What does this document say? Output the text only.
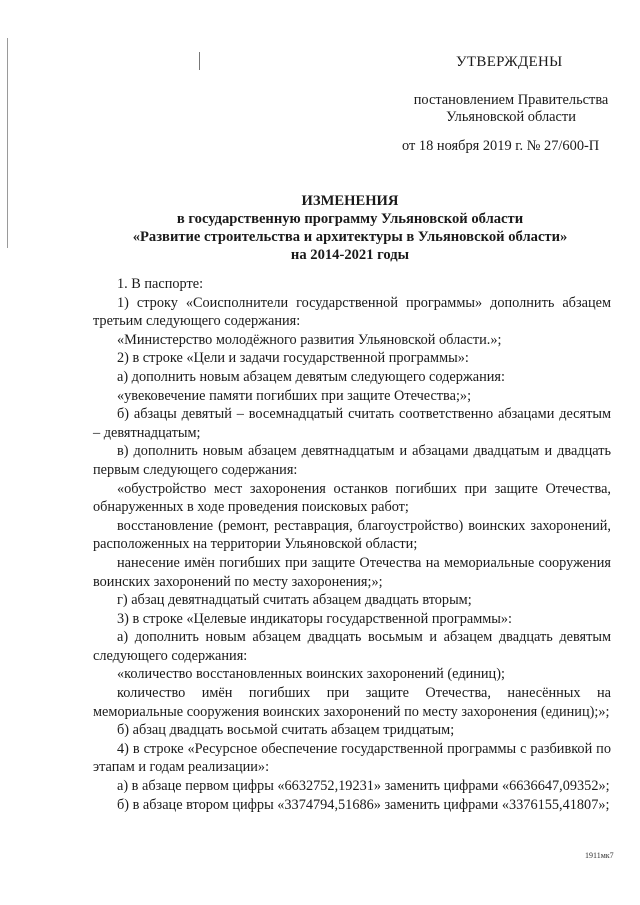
УТВЕРЖДЕНЫ
постановлением Правительства
Ульяновской области
от 18 ноября 2019 г. № 27/600-П
ИЗМЕНЕНИЯ
в государственную программу Ульяновской области
«Развитие строительства и архитектуры в Ульяновской области»
на 2014-2021 годы

1. В паспорте:

1) строку «Соисполнители государственной программы» дополнить абзацем третьим следующего содержания:

«Министерство молодёжного развития Ульяновской области.»;

2) в строке «Цели и задачи государственной программы»:

а) дополнить новым абзацем девятым следующего содержания:

«увековечение памяти погибших при защите Отечества;»;

б) абзацы девятый – восемнадцатый считать соответственно абзацами десятым – девятнадцатым;

в) дополнить новым абзацем девятнадцатым и абзацами двадцатым и двадцать первым следующего содержания:

«обустройство мест захоронения останков погибших при защите Отечества, обнаруженных в ходе проведения поисковых работ;

восстановление (ремонт, реставрация, благоустройство) воинских захоронений, расположенных на территории Ульяновской области;

нанесение имён погибших при защите Отечества на мемориальные сооружения воинских захоронений по месту захоронения;»;

г) абзац девятнадцатый считать абзацем двадцать вторым;

3) в строке «Целевые индикаторы государственной программы»:

а) дополнить новым абзацем двадцать восьмым и абзацем двадцать девятым следующего содержания:

«количество восстановленных воинских захоронений (единиц);

количество имён погибших при защите Отечества, нанесённых на мемориальные сооружения воинских захоронений по месту захоронения (единиц);»;

б) абзац двадцать восьмой считать абзацем тридцатым;

4) в строке «Ресурсное обеспечение государственной программы с разбивкой по этапам и годам реализации»:

а) в абзаце первом цифры «6632752,19231» заменить цифрами «6636647,09352»;

б) в абзаце втором цифры «3374794,51686» заменить цифрами «3376155,41807»;

1911мк7
